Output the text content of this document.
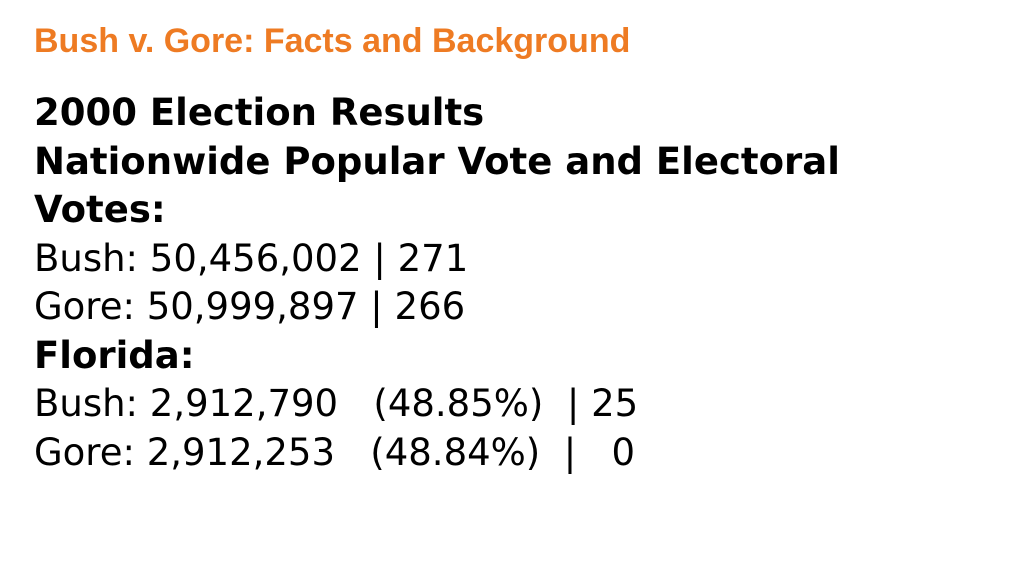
Bush v. Gore: Facts and Background
2000 Election Results
Nationwide Popular Vote and Electoral
Votes:
Bush: 50,456,002 | 271
Gore: 50,999,897 | 266
Florida:
Bush: 2,912,790   (48.85%)  | 25
Gore: 2,912,253   (48.84%)  |   0
